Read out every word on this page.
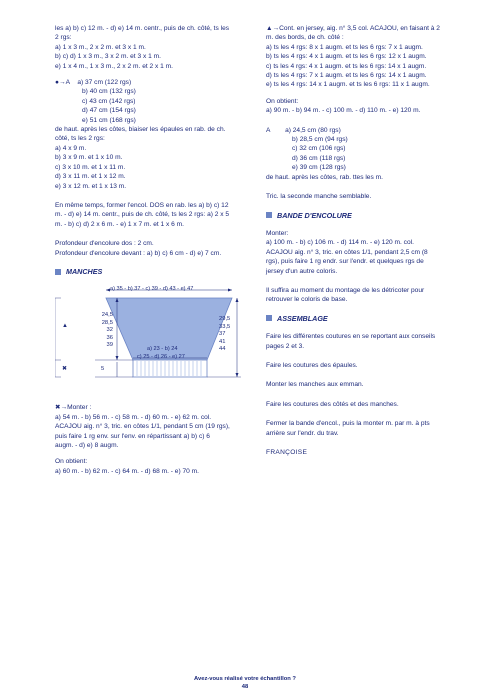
les a) b) c) 12 m. - d) e) 14 m. centr., puis de ch. côté, ts les
2 rgs:
a) 1 x 3 m., 2 x 2 m. et 3 x 1 m.
b) c) d) 1 x 3 m., 3 x 2 m. et 3 x 1 m.
e) 1 x 4 m., 1 x 3 m., 2 x 2 m. et 2 x 1 m.
●→A a) 37 cm (122 rgs)
b) 40 cm (132 rgs)
c) 43 cm (142 rgs)
d) 47 cm (154 rgs)
e) 51 cm (168 rgs)
de haut. après les côtes, biaiser les épaules en rab. de ch.
côté, ts les 2 rgs:
a) 4 x 9 m.
b) 3 x 9 m. et 1 x 10 m.
c) 3 x 10 m. et 1 x 11 m.
d) 3 x 11 m. et 1 x 12 m.
e) 3 x 12 m. et 1 x 13 m.
En même temps, former l'encol. DOS en rab. les a) b) c) 12
m. - d) e) 14 m. centr., puis de ch. côté, ts les 2 rgs: a) 2 x 5
m. - b) c) d) 2 x 6 m. - e) 1 x 7 m. et 1 x 6 m.
Profondeur d'encolure dos : 2 cm.
Profondeur d'encolure devant : a) b) c) 6 cm - d) e) 7 cm.
MANCHES
a) 35 - b) 37 - c) 39 - d) 43 - e) 47
▲
✖
24,5
28,5
32
36
39
29,5
33,5
37
41
44
a) 23 - b) 24
c) 25 - d) 26 - e) 27
5
✖→Monter :
a) 54 m. - b) 56 m. - c) 58 m. - d) 60 m. - e) 62 m. col.
ACAJOU aig. n° 3, tric. en côtes 1/1, pendant 5 cm (19 rgs),
puis faire 1 rg env. sur l'env. en répartissant a) b) c) 6
augm. - d) e) 8 augm.
On obtient:
a) 60 m. - b) 62 m. - c) 64 m. - d) 68 m. - e) 70 m.
▲→Cont. en jersey, aig. n° 3,5 col. ACAJOU, en faisant à 2
m. des bords, de ch. côté :
a) ts les 4 rgs: 8 x 1 augm. et ts les 6 rgs: 7 x 1 augm.
b) ts les 4 rgs: 4 x 1 augm. et ts les 6 rgs: 12 x 1 augm.
c) ts les 4 rgs: 4 x 1 augm. et ts les 6 rgs: 14 x 1 augm.
d) ts les 4 rgs: 7 x 1 augm. et ts les 6 rgs: 14 x 1 augm.
e) ts les 4 rgs: 14 x 1 augm. et ts les 6 rgs: 11 x 1 augm.
On obtient:
a) 90 m. - b) 94 m. - c) 100 m. - d) 110 m. - e) 120 m.
A a) 24,5 cm (80 rgs)
b) 28,5 cm (94 rgs)
c) 32 cm (106 rgs)
d) 36 cm (118 rgs)
e) 39 cm (128 rgs)
de haut. après les côtes, rab. ttes les m.
Tric. la seconde manche semblable.
BANDE D'ENCOLURE
Monter:
a) 100 m. - b) c) 106 m. - d) 114 m. - e) 120 m. col.
ACAJOU aig. n° 3, tric. en côtes 1/1, pendant 2,5 cm (8
rgs), puis faire 1 rg endr. sur l'endr. et quelques rgs de
jersey d'un autre coloris.
Il suffira au moment du montage de les détricoter pour
retrouver le coloris de base.
ASSEMBLAGE
Faire les différentes coutures en se reportant aux conseils
pages 2 et 3.
Faire les coutures des épaules.
Monter les manches aux emman.
Faire les coutures des côtés et des manches.
Fermer la bande d'encol., puis la monter m. par m. à pts
arrière sur l'endr. du trav.
FRANÇOISE
Avez-vous réalisé votre échantillon ?
48
